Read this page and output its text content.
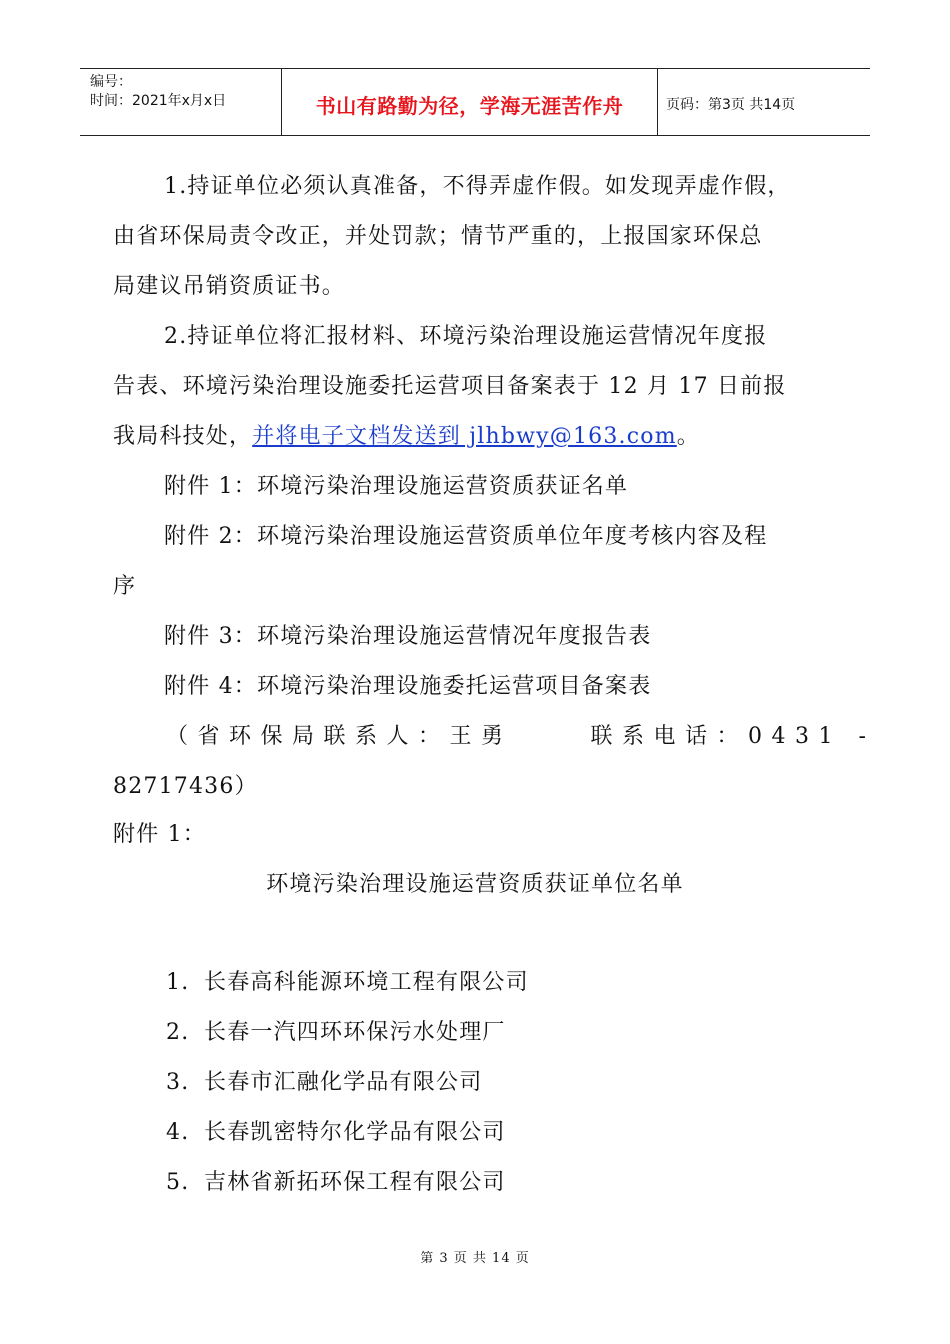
编号：
时间：2021年x月x日	书山有路勤为径，学海无涯苦作舟	页码：第3页 共14页
1.持证单位必须认真准备，不得弄虚作假。如发现弄虚作假，
由省环保局责令改正，并处罚款；情节严重的，上报国家环保总
局建议吊销资质证书。
2.持证单位将汇报材料、环境污染治理设施运营情况年度报
告表、环境污染治理设施委托运营项目备案表于 12 月 17 日前报
我局科技处，并将电子文档发送到 jlhbwy@163.com。
附件 1：环境污染治理设施运营资质获证名单
附件 2：环境污染治理设施运营资质单位年度考核内容及程
序
附件 3：环境污染治理设施运营情况年度报告表
附件 4：环境污染治理设施委托运营项目备案表
（省环保局联系人：王勇	联系电话：0431 -
82717436）
附件 1：
环境污染治理设施运营资质获证单位名单
1. 长春高科能源环境工程有限公司
2. 长春一汽四环环保污水处理厂
3. 长春市汇融化学品有限公司
4. 长春凯密特尔化学品有限公司
5. 吉林省新拓环保工程有限公司
第 3 页 共 14 页
